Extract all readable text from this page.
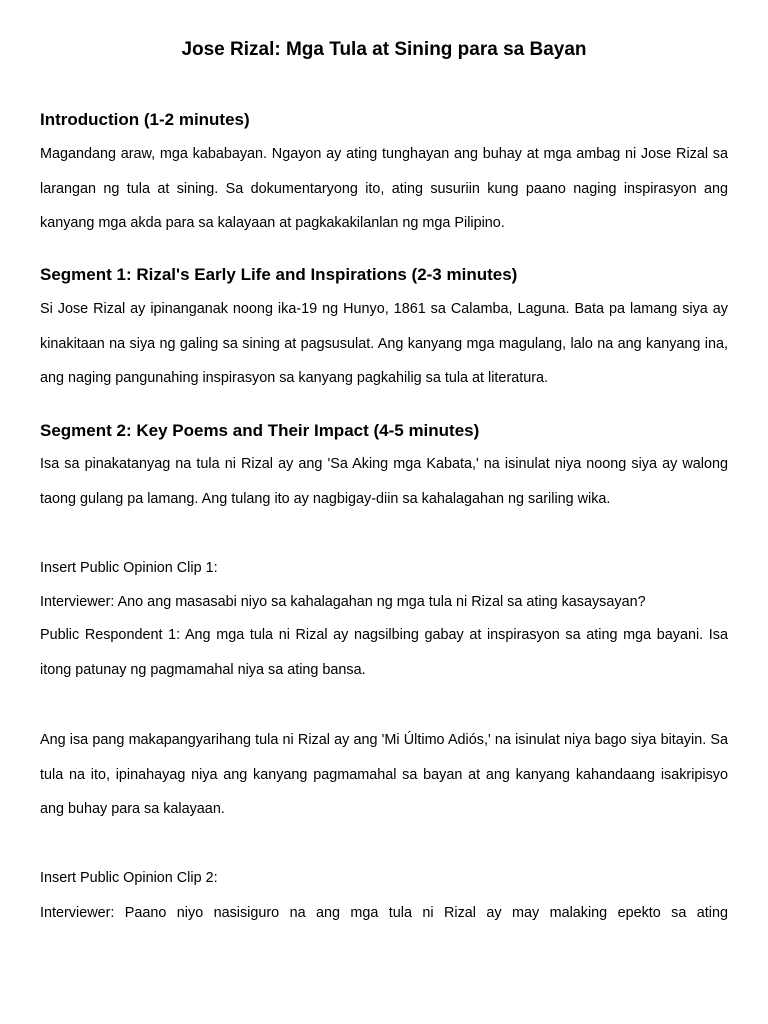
Jose Rizal: Mga Tula at Sining para sa Bayan
Introduction (1-2 minutes)

Magandang araw, mga kababayan. Ngayon ay ating tunghayan ang buhay at mga ambag ni Jose Rizal sa larangan ng tula at sining. Sa dokumentaryong ito, ating susuriin kung paano naging inspirasyon ang kanyang mga akda para sa kalayaan at pagkakakilanlan ng mga Pilipino.

Segment 1: Rizal's Early Life and Inspirations (2-3 minutes)

Si Jose Rizal ay ipinanganak noong ika-19 ng Hunyo, 1861 sa Calamba, Laguna. Bata pa lamang siya ay kinakitaan na siya ng galing sa sining at pagsusulat. Ang kanyang mga magulang, lalo na ang kanyang ina, ang naging pangunahing inspirasyon sa kanyang pagkahilig sa tula at literatura.

Segment 2: Key Poems and Their Impact (4-5 minutes)

Isa sa pinakatanyag na tula ni Rizal ay ang 'Sa Aking mga Kabata,' na isinulat niya noong siya ay walong taong gulang pa lamang. Ang tulang ito ay nagbigay-diin sa kahalagahan ng sariling wika.

Insert Public Opinion Clip 1:

Interviewer: Ano ang masasabi niyo sa kahalagahan ng mga tula ni Rizal sa ating kasaysayan?

Public Respondent 1: Ang mga tula ni Rizal ay nagsilbing gabay at inspirasyon sa ating mga bayani. Isa itong patunay ng pagmamahal niya sa ating bansa.

Ang isa pang makapangyarihang tula ni Rizal ay ang 'Mi Último Adiós,' na isinulat niya bago siya bitayin. Sa tula na ito, ipinahayag niya ang kanyang pagmamahal sa bayan at ang kanyang kahandaang isakripisyo ang buhay para sa kalayaan.

Insert Public Opinion Clip 2:

Interviewer: Paano niyo nasisiguro na ang mga tula ni Rizal ay may malaking epekto sa ating
